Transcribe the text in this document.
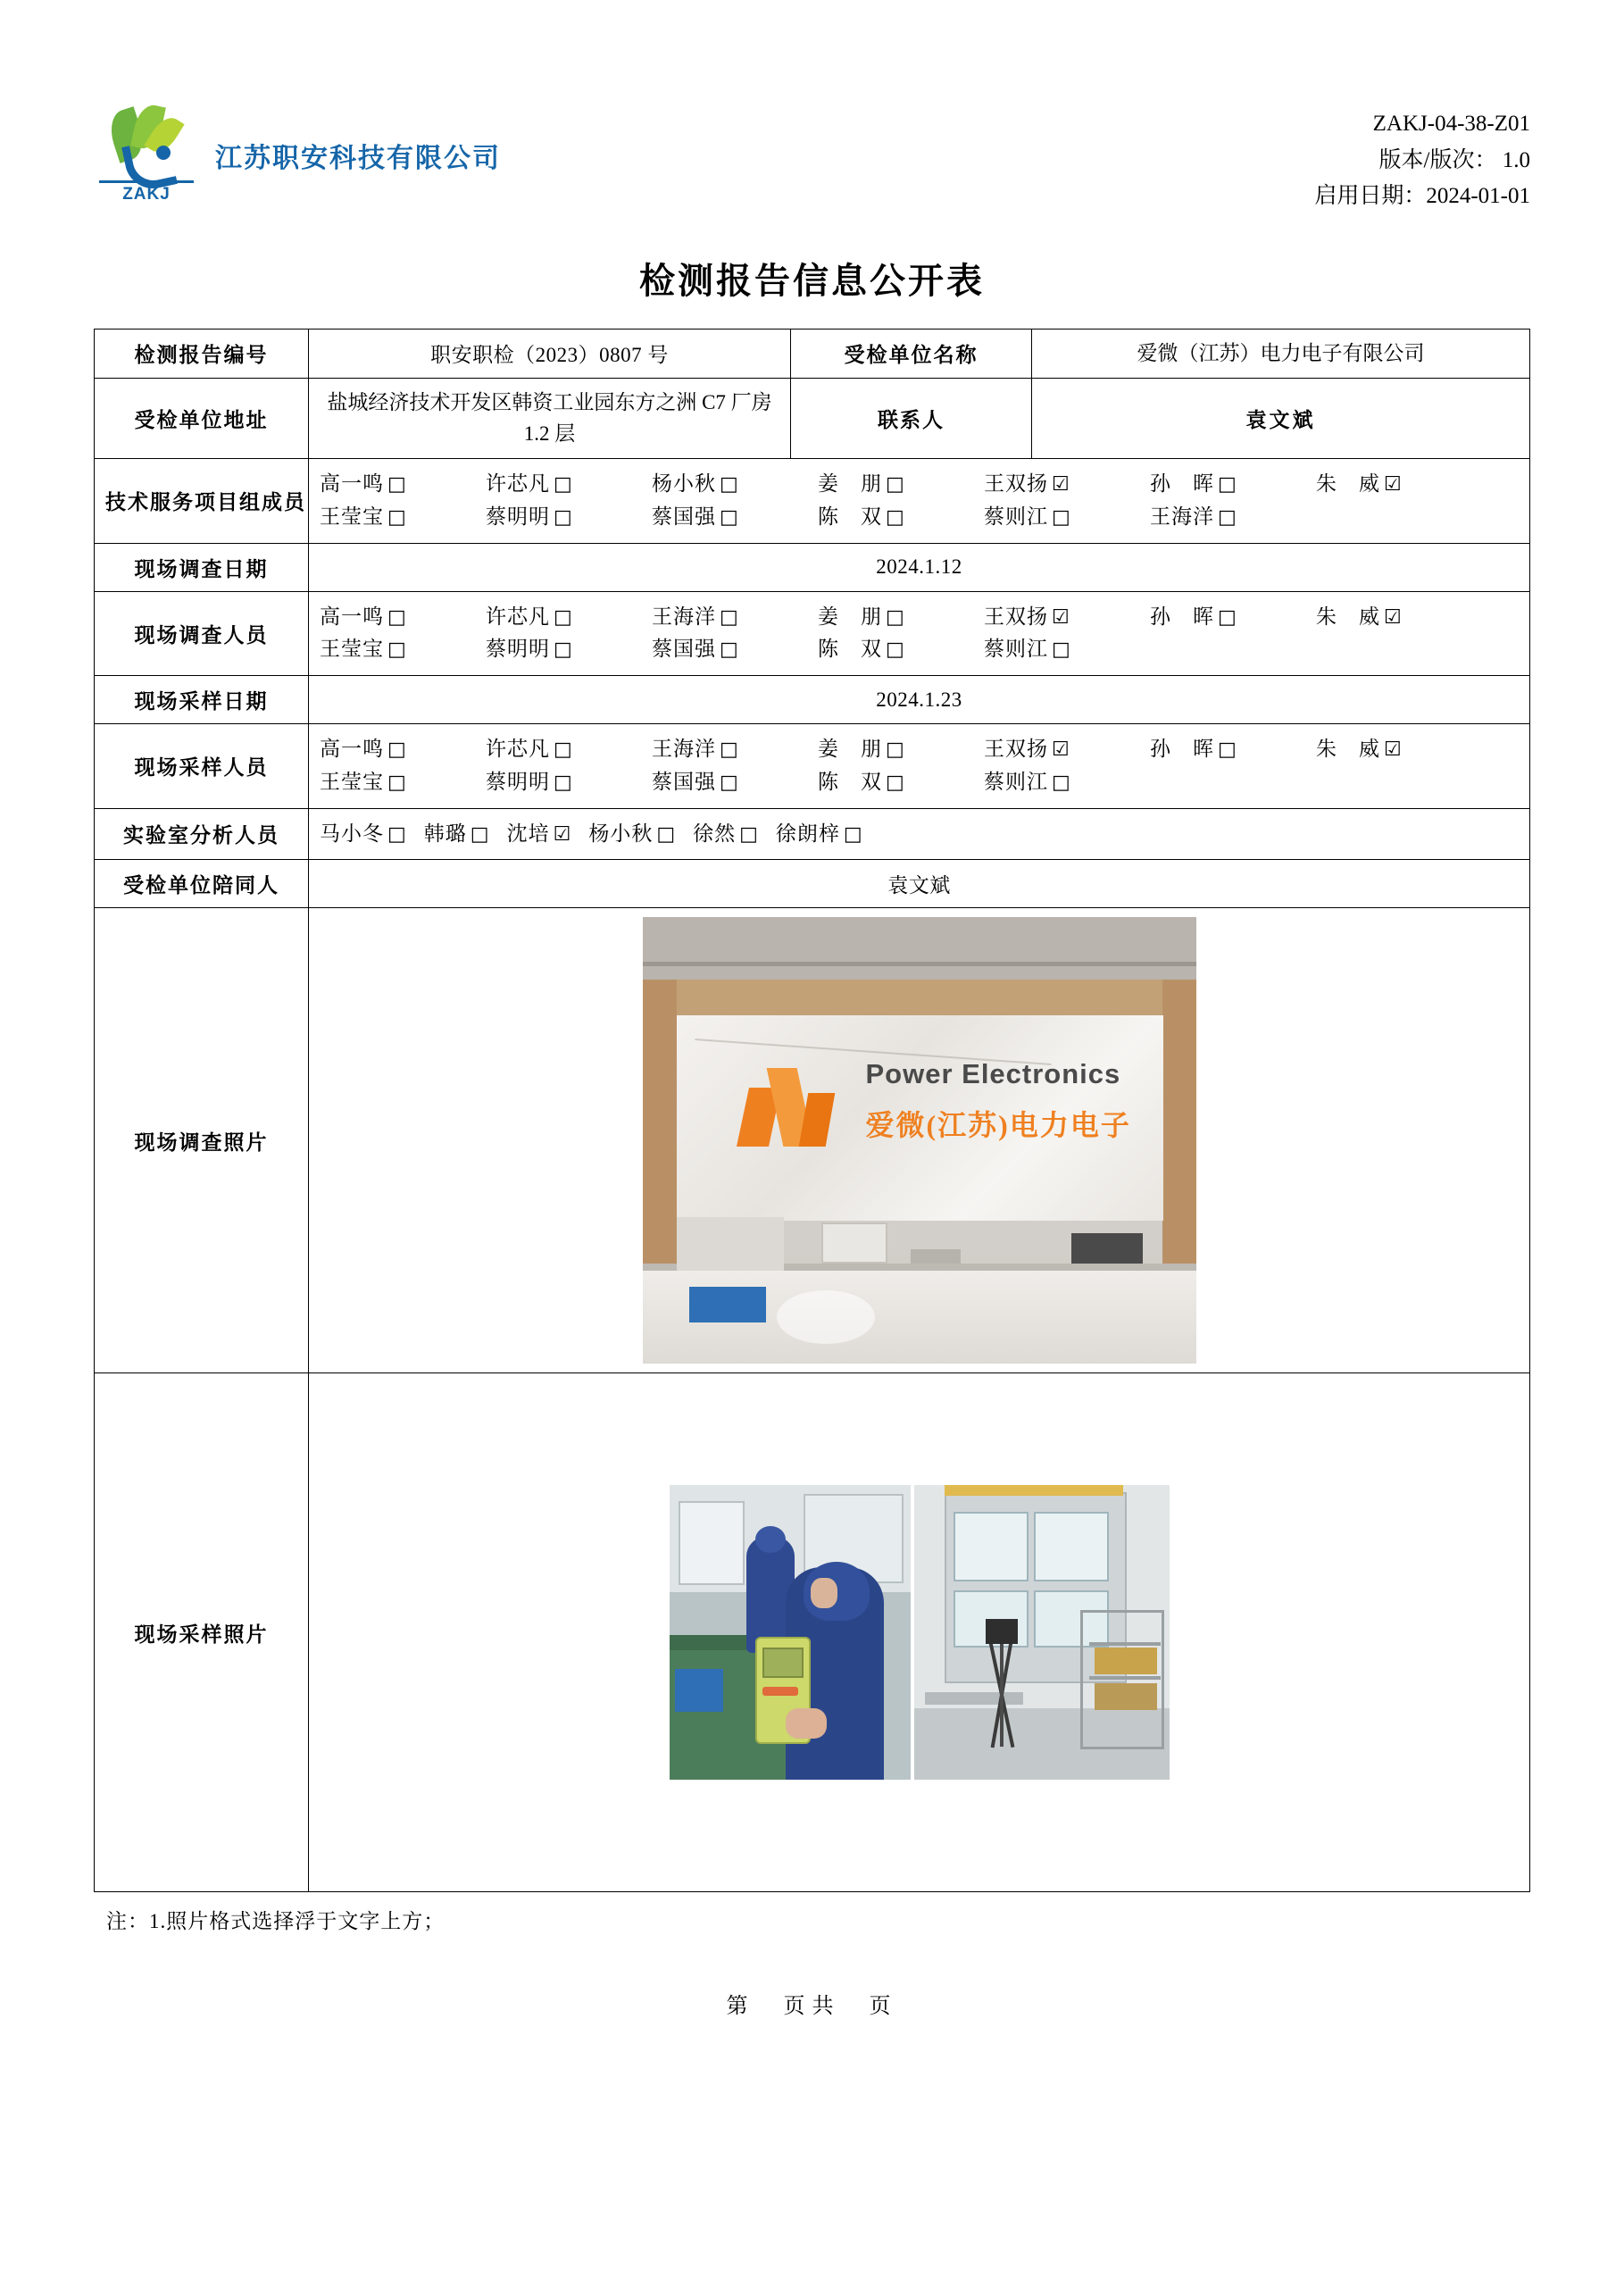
ZAKJ
江苏职安科技有限公司
ZAKJ-04-38-Z01
版本/版次： 1.0
启用日期：2024-01-01
检测报告信息公开表
检测报告编号	职安职检（2023）0807 号	受检单位名称	爱微（江苏）电力电子有限公司
受检单位地址	盐城经济技术开发区韩资工业园东方之洲 C7 厂房 1.2 层	联系人	袁文斌
技术服务项目组成员	
高一鸣 □	许芯凡 □	杨小秋 □	姜　朋 □	王双扬 ☑	孙　晖 □	朱　威 ☑
王莹宝 □	蔡明明 □	蔡国强 □	陈　双 □	蔡则江 □	王海洋 □

现场调查日期	2024.1.12		
现场调查人员	
高一鸣 □	许芯凡 □	王海洋 □	姜　朋 □	王双扬 ☑	孙　晖 □	朱　威 ☑
王莹宝 □	蔡明明 □	蔡国强 □	陈　双 □	蔡则江 □

现场采样日期	2024.1.23		
现场采样人员	
高一鸣 □	许芯凡 □	王海洋 □	姜　朋 □	王双扬 ☑	孙　晖 □	朱　威 ☑
王莹宝 □	蔡明明 □	蔡国强 □	陈　双 □	蔡则江 □

实验室分析人员	马小冬 □ 韩璐 □ 沈培 ☑ 杨小秋 □ 徐然 □ 徐朗梓 □

受检单位陪同人	袁文斌		
现场调查照片	Power Electronics
爱微(江苏)电力电子		

现场采样照片			
注：1.照片格式选择浮于文字上方；
第　页共　页
